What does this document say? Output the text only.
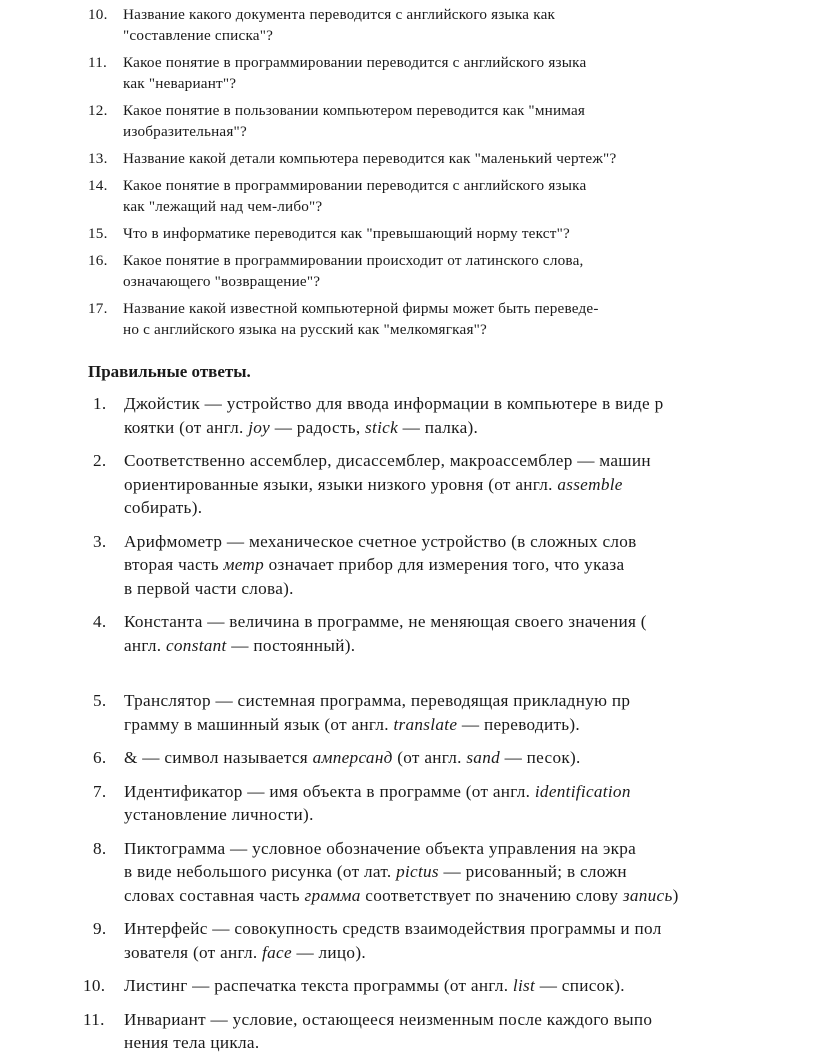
10. Название какого документа переводится с английского языка как
"составление списка"?
11. Какое понятие в программировании переводится с английского языка
как "невариант"?
12. Какое понятие в пользовании компьютером переводится как "мнимая
изобразительная"?
13. Название какой детали компьютера переводится как "маленький чертеж"?
14. Какое понятие в программировании переводится с английского языка
как "лежащий над чем-либо"?
15. Что в информатике переводится как "превышающий норму текст"?
16. Какое понятие в программировании происходит от латинского слова,
означающего "возвращение"?
17. Название какой известной компьютерной фирмы может быть переведе-
но с английского языка на русский как "мелкомягкая"?
Правильные ответы.
1. Джойстик — устройство для ввода информации в компьютере в виде р
коятки (от англ. joy — радость, stick — палка).
2. Соответственно ассемблер, дисассемблер, макроассемблер — машин
ориентированные языки, языки низкого уровня (от англ. assemble
собирать).
3. Арифмометр — механическое счетное устройство (в сложных слов
вторая часть метр означает прибор для измерения того, что указа
в первой части слова).
4. Константа — величина в программе, не меняющая своего значения (
англ. constant — постоянный).
5. Транслятор — системная программа, переводящая прикладную пр
грамму в машинный язык (от англ. translate — переводить).
6. & — символ называется амперсанд (от англ. sand — песок).
7. Идентификатор — имя объекта в программе (от англ. identification
установление личности).
8. Пиктограмма — условное обозначение объекта управления на экра
в виде небольшого рисунка (от лат. pictus — рисованный; в сложн
словах составная часть грамма соответствует по значению слову запись)
9. Интерфейс — совокупность средств взаимодействия программы и пол
зователя (от англ. face — лицо).
10. Листинг — распечатка текста программы (от англ. list — список).
11. Инвариант — условие, остающееся неизменным после каждого выпо
нения тела цикла.
